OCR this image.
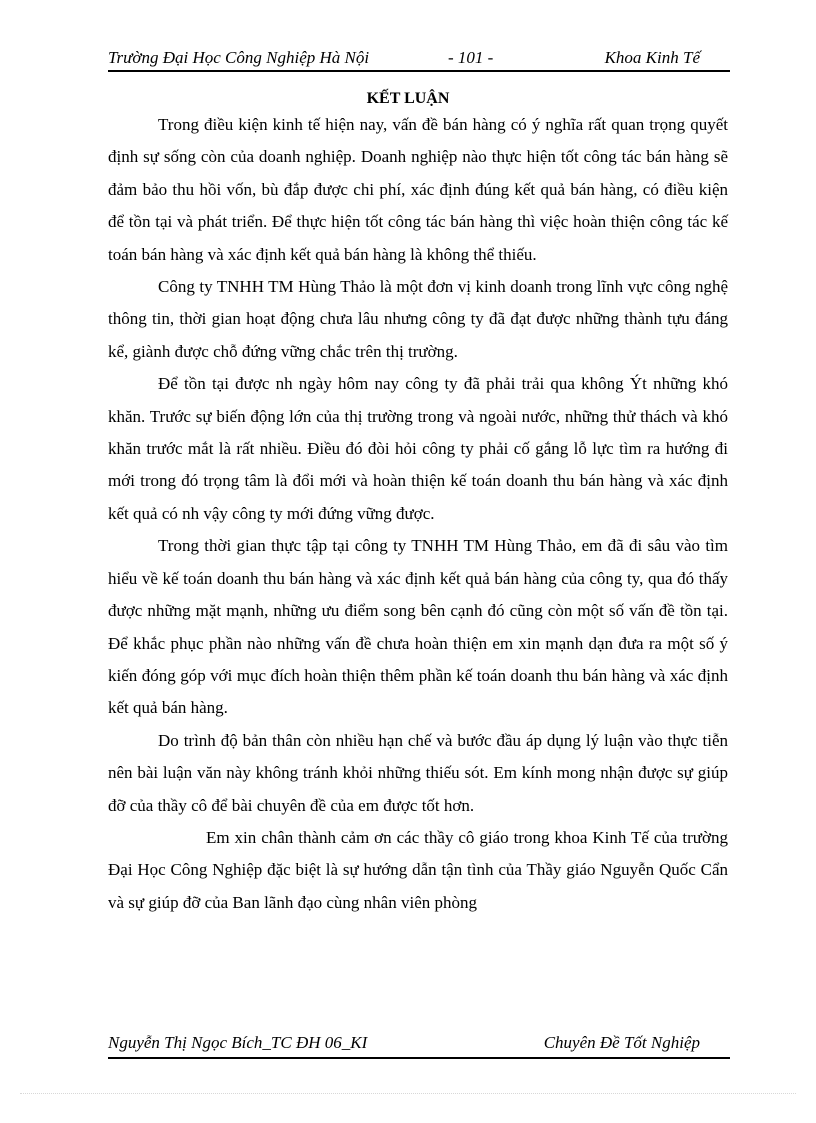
Trường Đại Học Công Nghiệp Hà Nội	- 101 -	Khoa Kinh Tế
KẾT LUẬN

Trong điều kiện kinh tế hiện nay, vấn đề bán hàng có ý nghĩa rất quan trọng quyết định sự sống còn của doanh nghiệp. Doanh nghiệp nào thực hiện tốt công tác bán hàng sẽ đảm bảo thu hồi vốn, bù đắp được chi phí, xác định đúng kết quả bán hàng, có điều kiện để tồn tại và phát triển. Để thực hiện tốt công tác bán hàng thì việc hoàn thiện công tác kế toán bán hàng và xác định kết quả bán hàng là không thể thiếu.

Công ty TNHH TM Hùng Thảo là một đơn vị kinh doanh trong lĩnh vực công nghệ thông tin, thời gian hoạt động chưa lâu nhưng công ty đã đạt được những thành tựu đáng kể, giành được chỗ đứng vững chắc trên thị trường.

Để tồn tại được nh ngày hôm nay công ty đã phải trải qua không Ýt những khó khăn. Trước sự biến động lớn của thị trường trong và ngoài nước, những thử thách và khó khăn trước mắt là rất nhiều. Điều đó đòi hỏi công ty phải cố gắng lỗ lực tìm ra hướng đi mới trong đó trọng tâm là đổi mới và hoàn thiện kế toán doanh thu bán hàng và xác định kết quả có nh vậy công ty mới đứng vững được.

Trong thời gian thực tập tại công ty TNHH TM Hùng Thảo, em đã đi sâu vào tìm hiểu về kế toán doanh thu bán hàng và xác định kết quả bán hàng của công ty, qua đó thấy được những mặt mạnh, những ưu điểm song bên cạnh đó cũng còn một số vấn đề tồn tại. Để khắc phục phần nào những vấn đề chưa hoàn thiện em xin mạnh dạn đưa ra một số ý kiến đóng góp với mục đích hoàn thiện thêm phần kế toán doanh thu bán hàng và xác định kết quả bán hàng.

Do trình độ bản thân còn nhiều hạn chế và bước đầu áp dụng lý luận vào thực tiễn nên bài luận văn này không tránh khỏi những thiếu sót. Em kính mong nhận được sự giúp đỡ của thầy cô để bài chuyên đề của em được tốt hơn.

Em xin chân thành cảm ơn các thầy cô giáo trong khoa Kinh Tế của trường Đại Học Công Nghiệp đặc biệt là sự hướng dẫn tận tình của Thầy giáo Nguyễn Quốc Cẩn và sự giúp đỡ của Ban lãnh đạo cùng nhân viên phòng

Nguyễn Thị Ngọc Bích_TC ĐH 06_KI	Chuyên Đề Tốt Nghiệp
